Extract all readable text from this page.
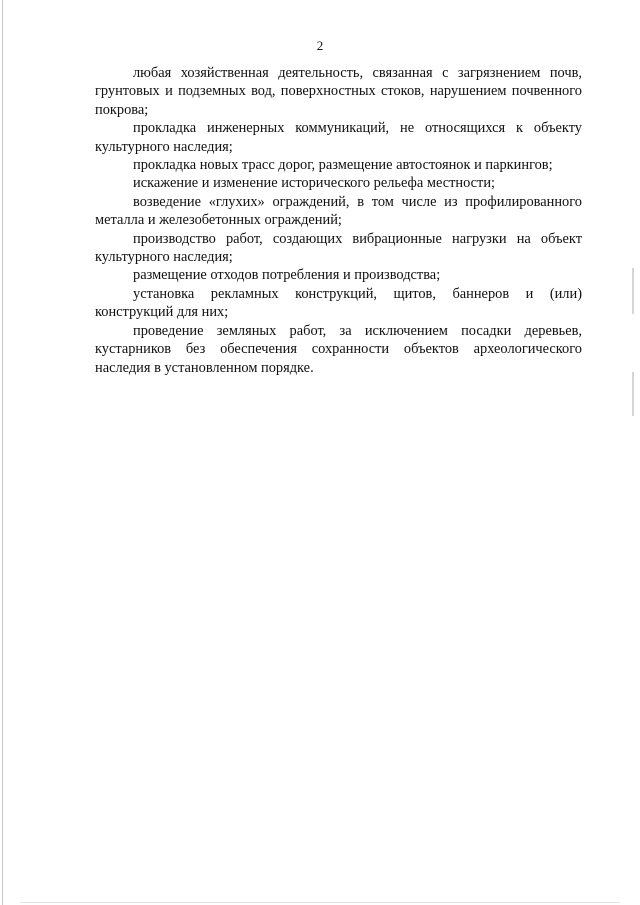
2

любая хозяйственная деятельность, связанная с загрязнением почв, грунтовых и подземных вод, поверхностных стоков, нарушением почвенного покрова;

прокладка инженерных коммуникаций, не относящихся к объекту культурного наследия;

прокладка новых трасс дорог, размещение автостоянок и паркингов;

искажение и изменение исторического рельефа местности;

возведение «глухих» ограждений, в том числе из профилированного металла и железобетонных ограждений;

производство работ, создающих вибрационные нагрузки на объект культурного наследия;

размещение отходов потребления и производства;

установка рекламных конструкций, щитов, баннеров и (или) конструкций для них;

проведение земляных работ, за исключением посадки деревьев, кустарников без обеспечения сохранности объектов археологического наследия в установленном порядке.
